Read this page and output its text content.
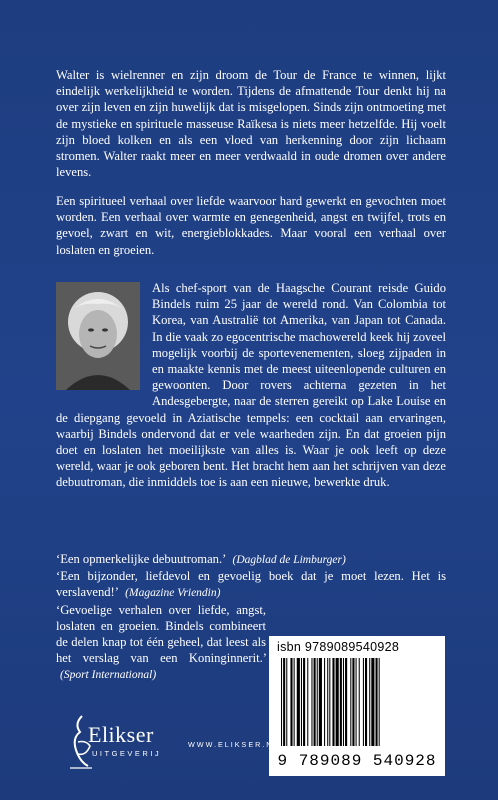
Walter is wielrenner en zijn droom de Tour de France te winnen, lijkt eindelijk werkelijkheid te worden. Tijdens de afmattende Tour denkt hij na over zijn leven en zijn huwelijk dat is misgelopen. Sinds zijn ontmoeting met de mystieke en spirituele masseuse Raïkesa is niets meer hetzelfde. Hij voelt zijn bloed kolken en als een vloed van herkenning door zijn lichaam stromen. Walter raakt meer en meer verdwaald in oude dromen over andere levens.

Een spiritueel verhaal over liefde waarvoor hard gewerkt en gevochten moet worden. Een verhaal over warmte en genegenheid, angst en twijfel, trots en gevoel, zwart en wit, energieblokkades. Maar vooral een verhaal over loslaten en groeien.

Als chef-sport van de Haagsche Courant reisde Guido Bindels ruim 25 jaar de wereld rond. Van Colombia tot Korea, van Australië tot Amerika, van Japan tot Canada. In die vaak zo egocentrische machowereld keek hij zoveel mogelijk voorbij de sportevenementen, sloeg zijpaden in en maakte kennis met de meest uiteenlopende culturen en gewoonten. Door rovers achterna gezeten in het Andesgebergte, naar de sterren gereikt op Lake Louise en de diepgang gevoeld in Aziatische tempels: een cocktail aan ervaringen, waarbij Bindels ondervond dat er vele waarheden zijn. En dat groeien pijn doet en loslaten het moeilijkste van alles is. Waar je ook leeft op deze wereld, waar je ook geboren bent. Het bracht hem aan het schrijven van deze debuutroman, die inmiddels toe is aan een nieuwe, bewerkte druk.

‘Een opmerkelijke debuutroman.’ (Dagblad de Limburger)

‘Een bijzonder, liefdevol en gevoelig boek dat je moet lezen. Het is verslavend!’ (Magazine Vriendin)

‘Gevoelige verhalen over liefde, angst, loslaten en groeien. Bindels combineert de delen knap tot één geheel, dat leest als het verslag van een Koninginnerit.’ (Sport International)

isbn 9789089540928
9 789089 540928
Elikser
UITGEVERIJ
WWW.ELIKSER.NL
